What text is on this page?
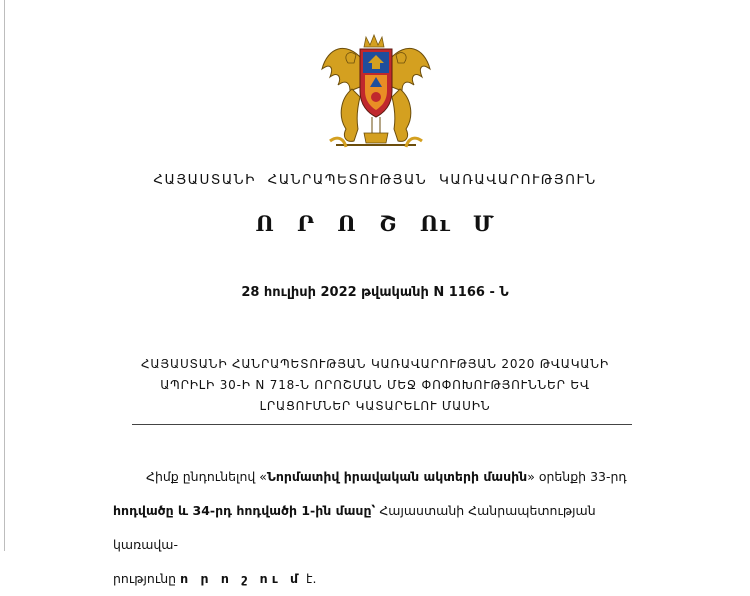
ՀԱՅԱՍՏԱՆԻ ՀԱՆՐԱՊԵՏՈՒԹՅԱՆ ԿԱՌԱՎԱՐՈՒԹՅՈՒՆ
Ո Ր Ո Շ Ու Մ
28 հուլիսի 2022 թվականի N 1166 - Ն
ՀԱՅԱՍՏԱՆԻ ՀԱՆՐԱՊԵՏՈՒԹՅԱՆ ԿԱՌԱՎԱՐՈՒԹՅԱՆ 2020 ԹՎԱԿԱՆԻ
ԱՊՐԻԼԻ 30-Ի N 718-Ն ՈՐՈՇՄԱՆ ՄԵՋ ՓՈՓՈԽՈՒԹՅՈՒՆՆԵՐ ԵՎ
ԼՐԱՑՈՒՄՆԵՐ ԿԱՏԱՐԵԼՈՒ ՄԱՍԻՆ
Հիմք ընդունելով «Նորմատիվ իրավական ակտերի մասին» օրենքի 33-րդ
հոդվածը և 34-րդ հոդվածի 1-ին մասը՝ Հայաստանի Հանրապետության կառավա-
րությունը ո ր ո շ ու մ է.
